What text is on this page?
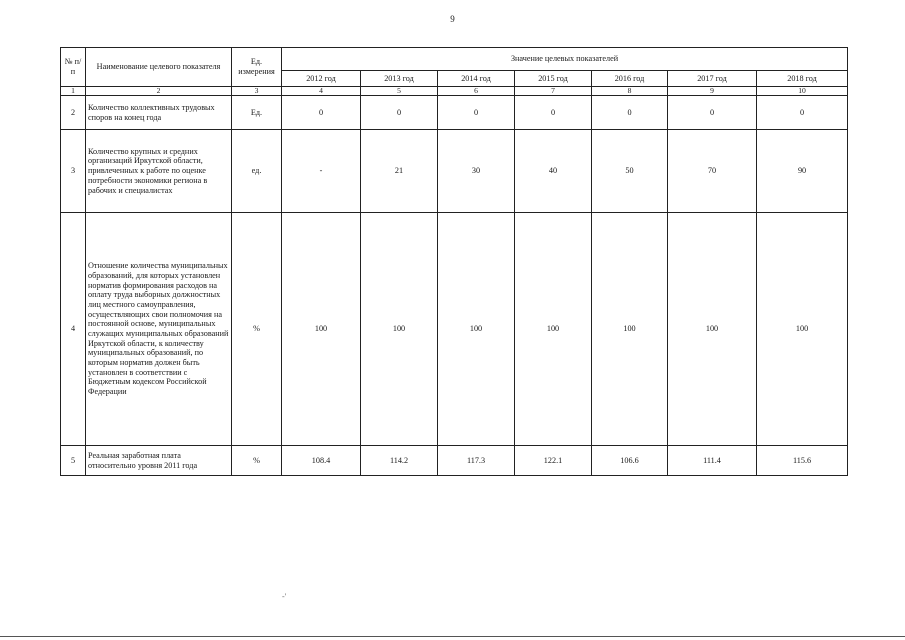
9
№ п/п	Наименование целевого показателя	Ед. измерения	Значение целевых показателей						
			2012 год	2013 год	2014 год	2015 год	2016 год	2017 год	2018 год
1	2	3	4	5	6	7	8	9	10
2	Количество коллективных трудовых споров на конец года	Ед.	0	0	0	0	0	0	0
3	Количество крупных и средних организаций Иркутской области, привлеченных к работе по оценке потребности экономики региона в рабочих и специалистах	ед.	-	21	30	40	50	70	90
4	Отношение количества муниципальных образований, для которых установлен норматив формирования расходов на оплату труда выборных должностных лиц местного самоуправления, осуществляющих свои полномочия на постоянной основе, муниципальных служащих муниципальных образований Иркутской области, к количеству муниципальных образований, по которым норматив должен быть установлен в соответствии с Бюджетным кодексом Российской Федерации	%	100	100	100	100	100	100	100
5	Реальная заработная плата относительно уровня 2011 года	%	108.4	114.2	117.3	122.1	106.6	111.4	115.6
-'
